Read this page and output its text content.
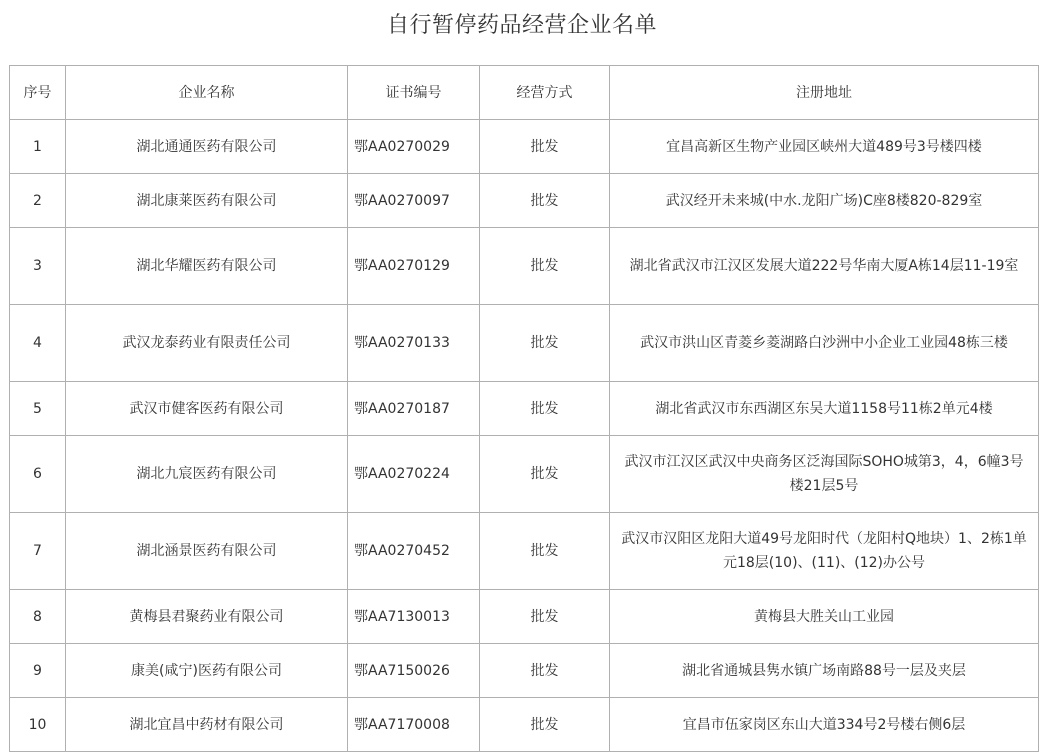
自行暂停药品经营企业名单
序号	企业名称	证书编号	经营方式	注册地址
1	湖北通通医药有限公司	鄂AA0270029	批发	宜昌高新区生物产业园区峡州大道489号3号楼四楼
2	湖北康莱医药有限公司	鄂AA0270097	批发	武汉经开未来城(中水.龙阳广场)C座8楼820-829室
3	湖北华耀医药有限公司	鄂AA0270129	批发	湖北省武汉市江汉区发展大道222号华南大厦A栋14层11-19室
4	武汉龙泰药业有限责任公司	鄂AA0270133	批发	武汉市洪山区青菱乡菱湖路白沙洲中小企业工业园48栋三楼
5	武汉市健客医药有限公司	鄂AA0270187	批发	湖北省武汉市东西湖区东吴大道1158号11栋2单元4楼
6	湖北九宸医药有限公司	鄂AA0270224	批发	武汉市江汉区武汉中央商务区泛海国际SOHO城第3，4，6幢3号楼21层5号
7	湖北涵景医药有限公司	鄂AA0270452	批发	武汉市汉阳区龙阳大道49号龙阳时代（龙阳村Q地块）1、2栋1单元18层(10)、(11)、(12)办公号
8	黄梅县君聚药业有限公司	鄂AA7130013	批发	黄梅县大胜关山工业园
9	康美(咸宁)医药有限公司	鄂AA7150026	批发	湖北省通城县隽水镇广场南路88号一层及夹层
10	湖北宜昌中药材有限公司	鄂AA7170008	批发	宜昌市伍家岗区东山大道334号2号楼右侧6层
